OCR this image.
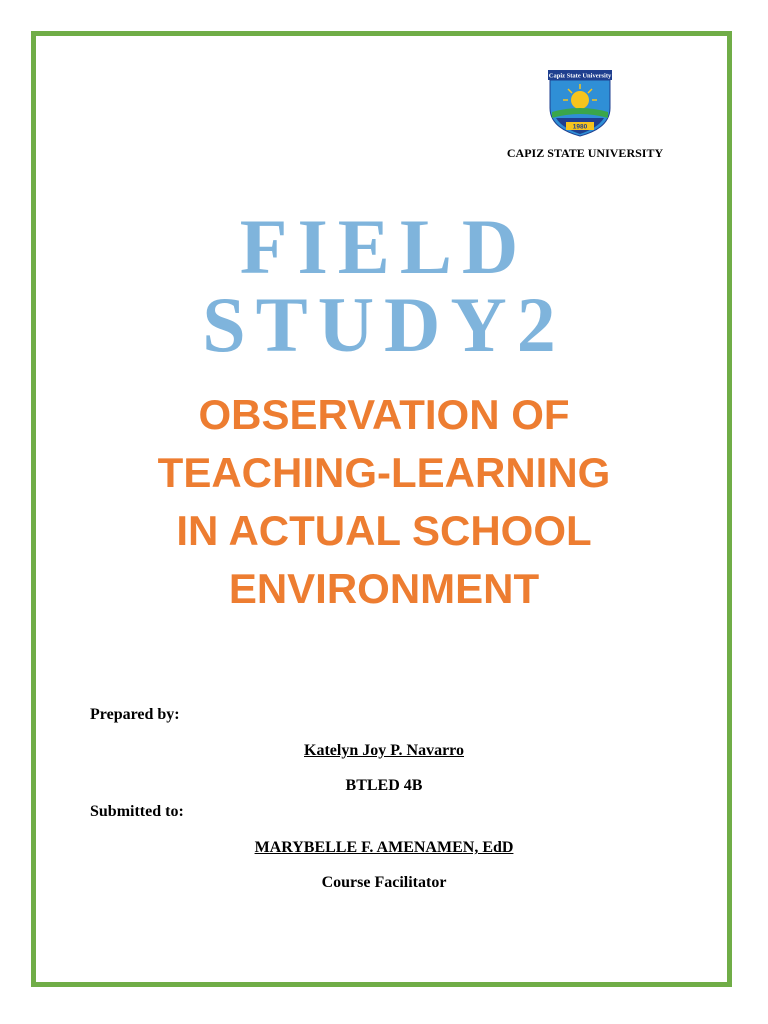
Capiz State University
1980
CAPIZ STATE UNIVERSITY
FIELD
STUDY2
OBSERVATION OF
TEACHING-LEARNING
IN ACTUAL SCHOOL
ENVIRONMENT
Prepared by:
Katelyn Joy P. Navarro
BTLED 4B
Submitted to:
MARYBELLE F. AMENAMEN, EdD
Course Facilitator
